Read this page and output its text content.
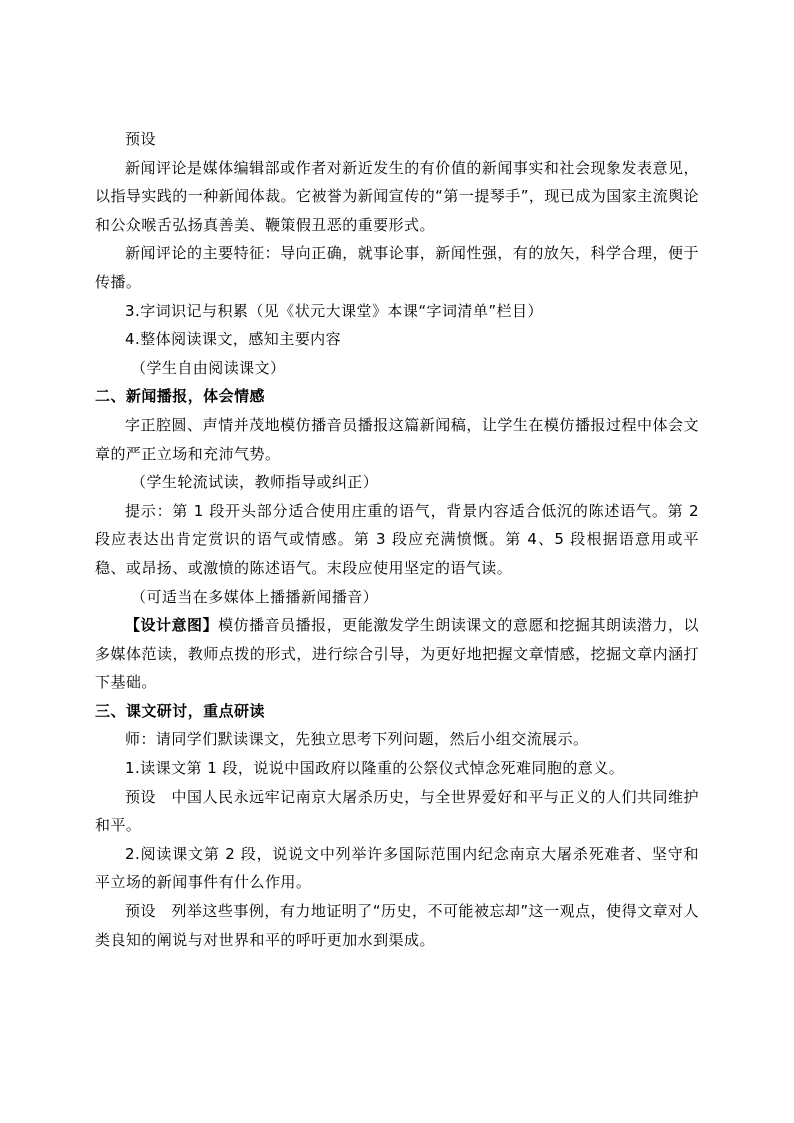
预设

新闻评论是媒体编辑部或作者对新近发生的有价值的新闻事实和社会现象发表意见，以指导实践的一种新闻体裁。它被誉为新闻宣传的“第一提琴手”，现已成为国家主流舆论和公众喉舌弘扬真善美、鞭策假丑恶的重要形式。

新闻评论的主要特征：导向正确，就事论事，新闻性强，有的放矢，科学合理，便于传播。

3.字词识记与积累（见《状元大课堂》本课“字词清单”栏目）

4.整体阅读课文，感知主要内容

（学生自由阅读课文）

二、新闻播报，体会情感

字正腔圆、声情并茂地模仿播音员播报这篇新闻稿，让学生在模仿播报过程中体会文章的严正立场和充沛气势。

（学生轮流试读，教师指导或纠正）

提示：第 1 段开头部分适合使用庄重的语气，背景内容适合低沉的陈述语气。第 2 段应表达出肯定赏识的语气或情感。第 3 段应充满愤慨。第 4、5 段根据语意用或平稳、或昂扬、或激愤的陈述语气。末段应使用坚定的语气读。

（可适当在多媒体上播播新闻播音）

【设计意图】模仿播音员播报，更能激发学生朗读课文的意愿和挖掘其朗读潜力，以多媒体范读，教师点拨的形式，进行综合引导，为更好地把握文章情感，挖掘文章内涵打下基础。

三、课文研讨，重点研读

师：请同学们默读课文，先独立思考下列问题，然后小组交流展示。

1.读课文第 1 段，说说中国政府以隆重的公祭仪式悼念死难同胞的意义。

预设　中国人民永远牢记南京大屠杀历史，与全世界爱好和平与正义的人们共同维护和平。

2.阅读课文第 2 段，说说文中列举许多国际范围内纪念南京大屠杀死难者、坚守和平立场的新闻事件有什么作用。

预设　列举这些事例，有力地证明了“历史，不可能被忘却”这一观点，使得文章对人类良知的阐说与对世界和平的呼吁更加水到渠成。
